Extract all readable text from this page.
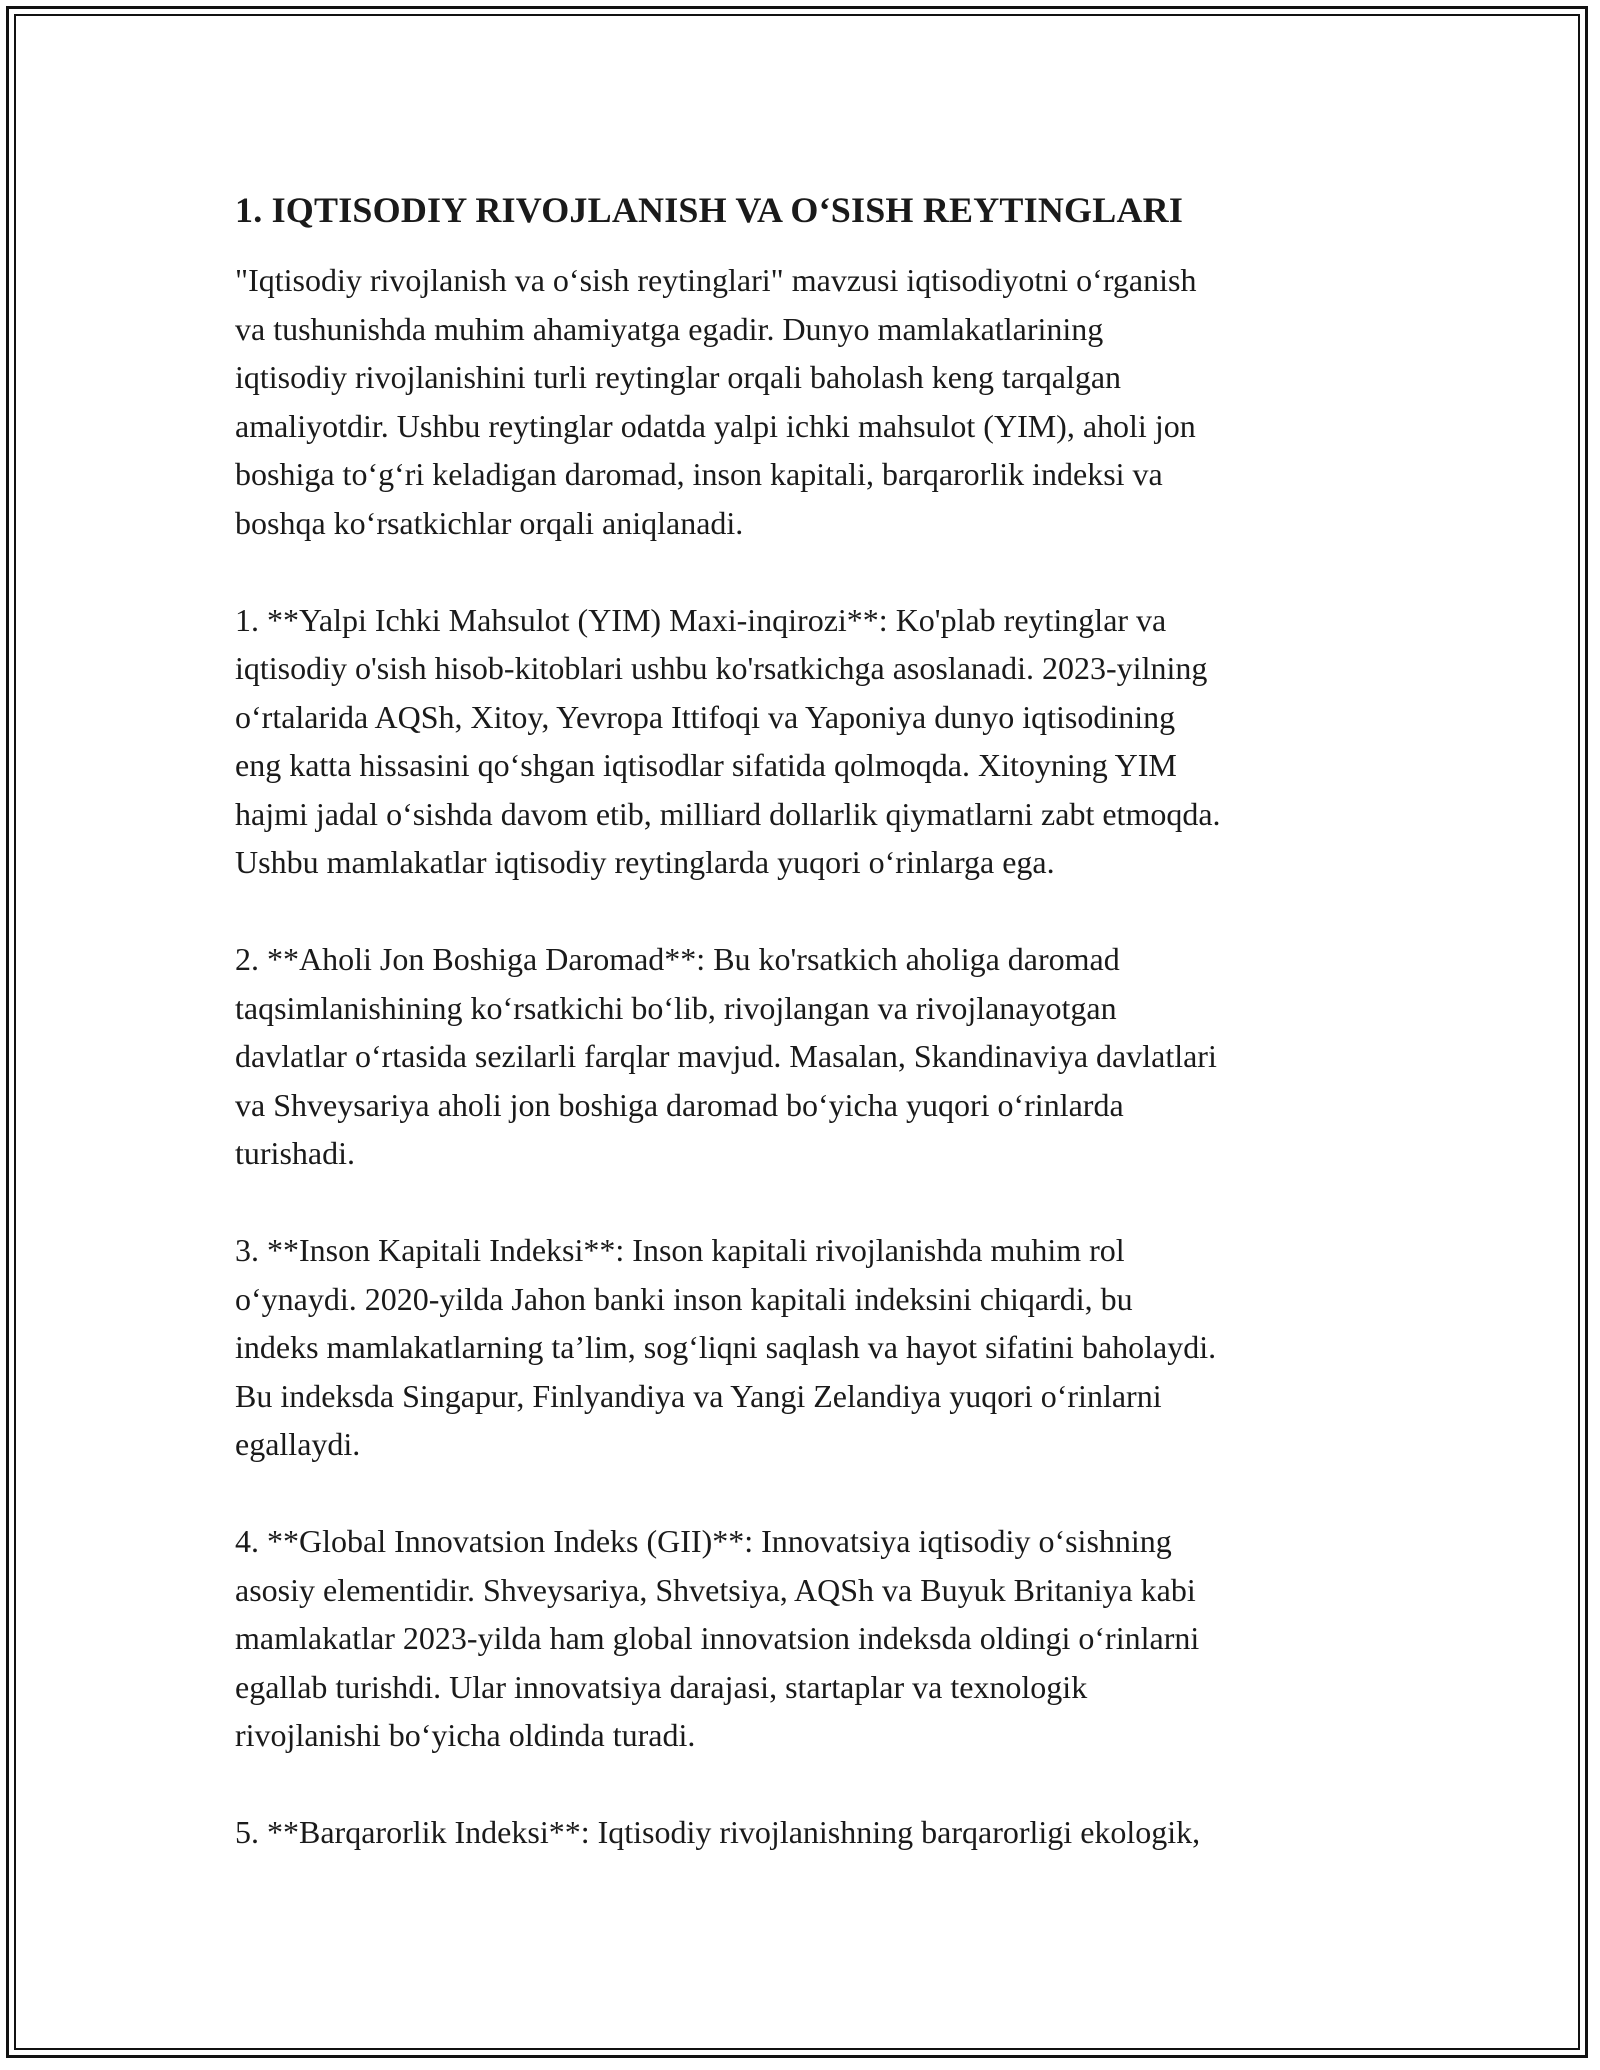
1. IQTISODIY RIVOJLANISH VA O‘SISH REYTINGLARI

"Iqtisodiy rivojlanish va o‘sish reytinglari" mavzusi iqtisodiyotni o‘rganish
va tushunishda muhim ahamiyatga egadir. Dunyo mamlakatlarining
iqtisodiy rivojlanishini turli reytinglar orqali baholash keng tarqalgan
amaliyotdir. Ushbu reytinglar odatda yalpi ichki mahsulot (YIM), aholi jon
boshiga to‘g‘ri keladigan daromad, inson kapitali, barqarorlik indeksi va
boshqa ko‘rsatkichlar orqali aniqlanadi.

1. **Yalpi Ichki Mahsulot (YIM) Maxi-inqirozi**: Ko'plab reytinglar va
iqtisodiy o'sish hisob-kitoblari ushbu ko'rsatkichga asoslanadi. 2023-yilning
o‘rtalarida AQSh, Xitoy, Yevropa Ittifoqi va Yaponiya dunyo iqtisodining
eng katta hissasini qo‘shgan iqtisodlar sifatida qolmoqda. Xitoyning YIM
hajmi jadal o‘sishda davom etib, milliard dollarlik qiymatlarni zabt etmoqda.
Ushbu mamlakatlar iqtisodiy reytinglarda yuqori o‘rinlarga ega.

2. **Aholi Jon Boshiga Daromad**: Bu ko'rsatkich aholiga daromad
taqsimlanishining ko‘rsatkichi bo‘lib, rivojlangan va rivojlanayotgan
davlatlar o‘rtasida sezilarli farqlar mavjud. Masalan, Skandinaviya davlatlari
va Shveysariya aholi jon boshiga daromad bo‘yicha yuqori o‘rinlarda
turishadi.

3. **Inson Kapitali Indeksi**: Inson kapitali rivojlanishda muhim rol
o‘ynaydi. 2020-yilda Jahon banki inson kapitali indeksini chiqardi, bu
indeks mamlakatlarning ta’lim, sog‘liqni saqlash va hayot sifatini baholaydi.
Bu indeksda Singapur, Finlyandiya va Yangi Zelandiya yuqori o‘rinlarni
egallaydi.

4. **Global Innovatsion Indeks (GII)**: Innovatsiya iqtisodiy o‘sishning
asosiy elementidir. Shveysariya, Shvetsiya, AQSh va Buyuk Britaniya kabi
mamlakatlar 2023-yilda ham global innovatsion indeksda oldingi o‘rinlarni
egallab turishdi. Ular innovatsiya darajasi, startaplar va texnologik
rivojlanishi bo‘yicha oldinda turadi.

5. **Barqarorlik Indeksi**: Iqtisodiy rivojlanishning barqarorligi ekologik,
